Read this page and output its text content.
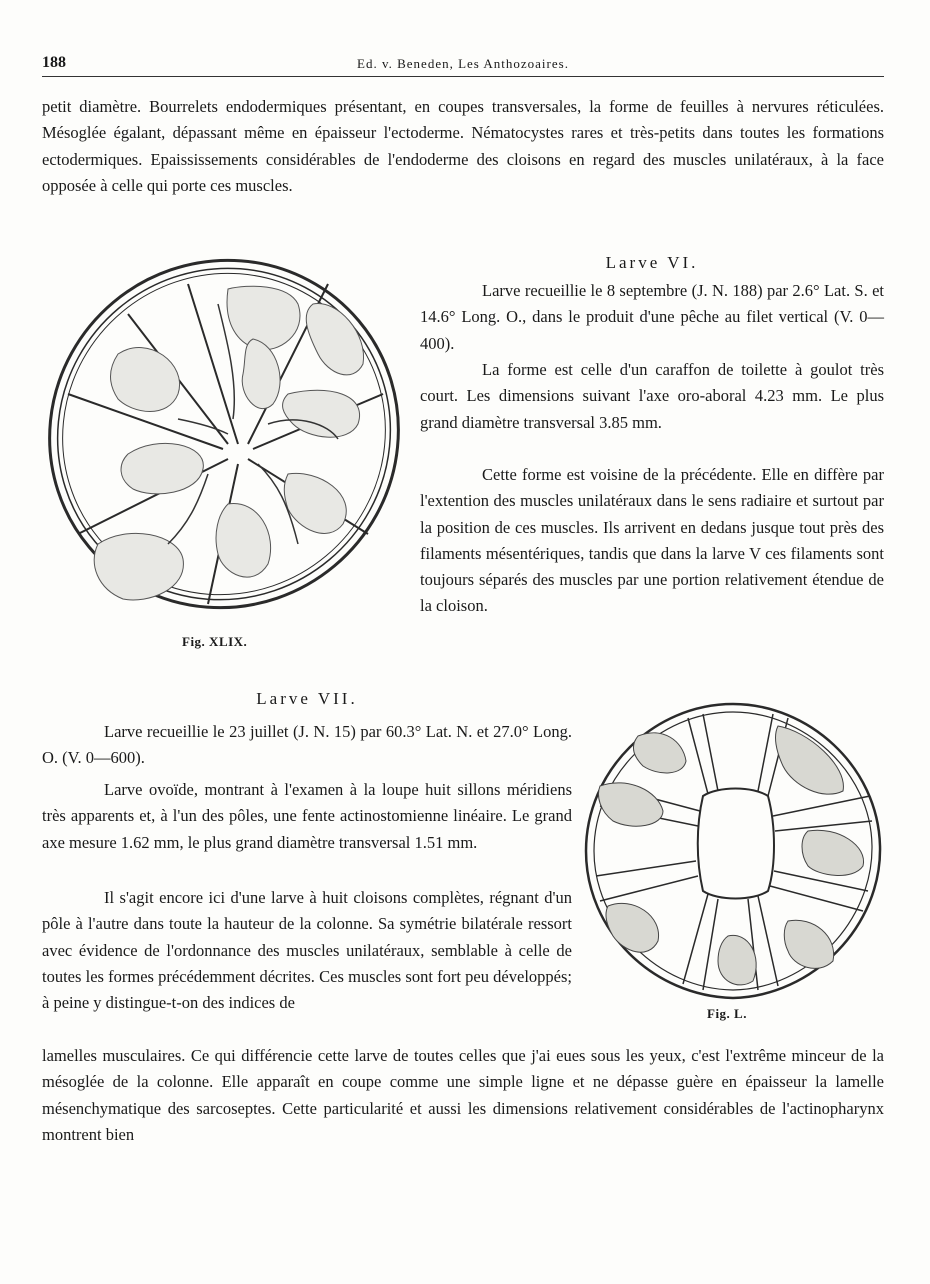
188	Ed. v. Beneden, Les Anthozoaires.

petit diamètre. Bourrelets endodermiques présentant, en coupes transversales, la forme de feuilles à nervures réticulées. Mésoglée égalant, dépassant même en épaisseur l'ectoderme. Nématocystes rares et très-petits dans toutes les formations ectodermiques. Epaississements considérables de l'endoderme des cloisons en regard des muscles unilatéraux, à la face opposée à celle qui porte ces muscles.

Fig. XLIX.
Larve VI.

Larve recueillie le 8 septembre (J. N. 188) par 2.6° Lat. S. et 14.6° Long. O., dans le produit d'une pêche au filet vertical (V. 0—400).

La forme est celle d'un caraffon de toilette à goulot très court. Les dimensions suivant l'axe oro-aboral 4.23 mm. Le plus grand diamètre transversal 3.85 mm.

Cette forme est voisine de la précédente. Elle en diffère par l'extention des muscles unilatéraux dans le sens radiaire et surtout par la position de ces muscles. Ils arrivent en dedans jusque tout près des filaments mésentériques, tandis que dans la larve V ces filaments sont toujours séparés des muscles par une portion relativement étendue de la cloison.

Larve VII.

Larve recueillie le 23 juillet (J. N. 15) par 60.3° Lat. N. et 27.0° Long. O. (V. 0—600).

Larve ovoïde, montrant à l'examen à la loupe huit sillons méridiens très apparents et, à l'un des pôles, une fente actinostomienne linéaire. Le grand axe mesure 1.62 mm, le plus grand diamètre transversal 1.51 mm.

Il s'agit encore ici d'une larve à huit cloisons complètes, régnant d'un pôle à l'autre dans toute la hauteur de la colonne. Sa symétrie bilatérale ressort avec évidence de l'ordonnance des muscles unilatéraux, semblable à celle de toutes les formes précédemment décrites. Ces muscles sont fort peu développés; à peine y distingue-t-on des indices de

lamelles musculaires. Ce qui différencie cette larve de toutes celles que j'ai eues sous les yeux, c'est l'extrême minceur de la mésoglée de la colonne. Elle apparaît en coupe comme une simple ligne et ne dépasse guère en épaisseur la lamelle mésenchymatique des sarcoseptes. Cette particularité et aussi les dimensions relativement considérables de l'actinopharynx montrent bien

Fig. L.
